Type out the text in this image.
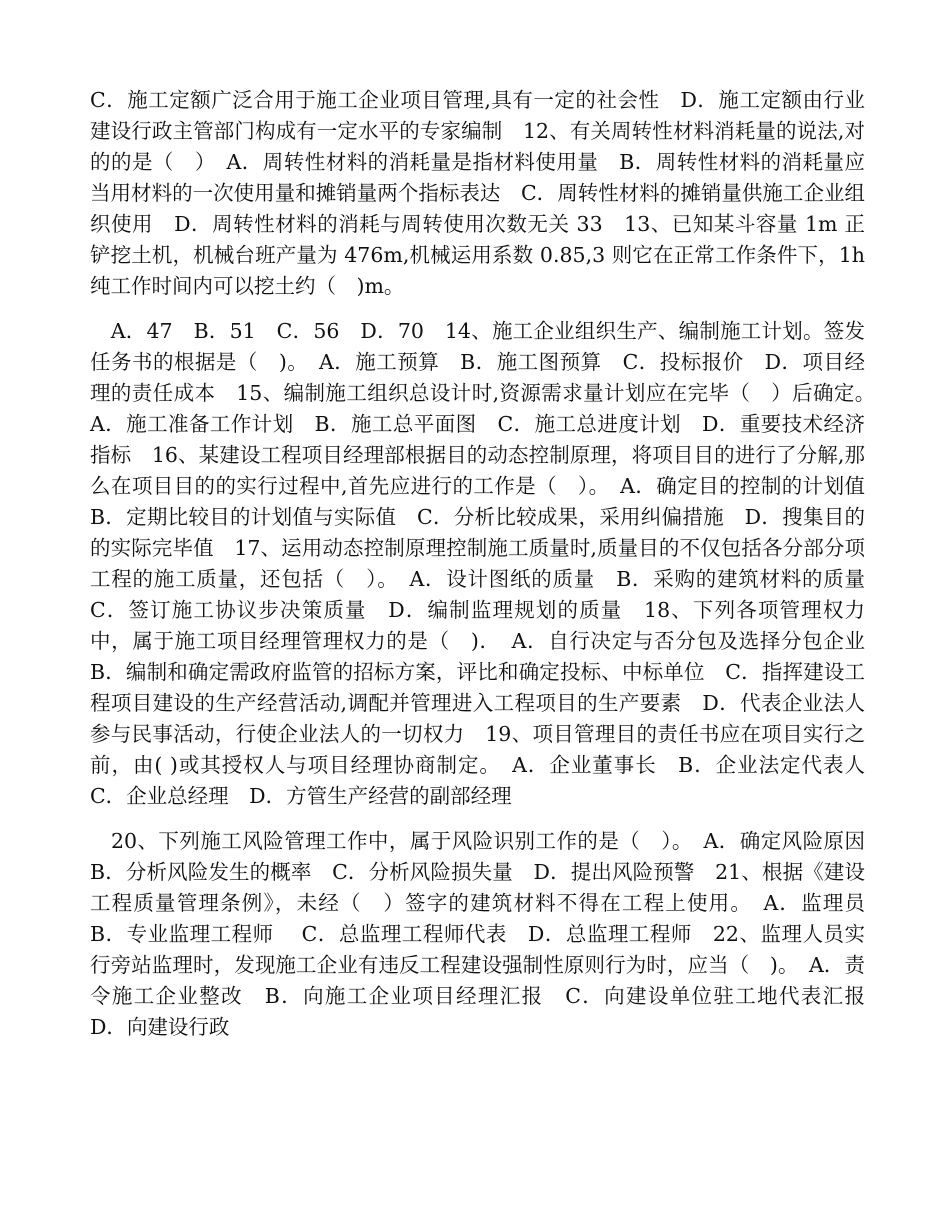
C．施工定额广泛合用于施工企业项目管理,具有一定的社会性　D．施工定额由行业建设行政主管部门构成有一定水平的专家编制　12、有关周转性材料消耗量的说法,对的的是（　）　A．周转性材料的消耗量是指材料使用量　B．周转性材料的消耗量应当用材料的一次使用量和摊销量两个指标表达　C．周转性材料的摊销量供施工企业组织使用　D．周转性材料的消耗与周转使用次数无关 33　13、已知某斗容量 1m 正铲挖土机，机械台班产量为 476m,机械运用系数 0.85,3 则它在正常工作条件下，1h 纯工作时间内可以挖土约（　)m。

　A．47　B．51　C．56　D．70　14、施工企业组织生产、编制施工计划。签发任务书的根据是（　)。　A．施工预算　B．施工图预算　C．投标报价　D．项目经理的责任成本　15、编制施工组织总设计时,资源需求量计划应在完毕（　）后确定。　A．施工准备工作计划　B．施工总平面图　C．施工总进度计划　D．重要技术经济指标　16、某建设工程项目经理部根据目的动态控制原理，将项目目的进行了分解,那么在项目目的的实行过程中,首先应进行的工作是（　）。　A．确定目的控制的计划值　B．定期比较目的计划值与实际值　C．分析比较成果，采用纠偏措施　D．搜集目的的实际完毕值　17、运用动态控制原理控制施工质量时,质量目的不仅包括各分部分项工程的施工质量，还包括（　）。　A．设计图纸的质量　B．采购的建筑材料的质量　C．签订施工协议步决策质量　D．编制监理规划的质量　18、下列各项管理权力中，属于施工项目经理管理权力的是（　)．　A．自行决定与否分包及选择分包企业　B．编制和确定需政府监管的招标方案，评比和确定投标、中标单位　C．指挥建设工程项目建设的生产经营活动,调配并管理进入工程项目的生产要素　D．代表企业法人参与民事活动，行使企业法人的一切权力　19、项目管理目的责任书应在项目实行之前，由( )或其授权人与项目经理协商制定。　A．企业董事长　B．企业法定代表人　C．企业总经理　D．方管生产经营的副部经理

　20、下列施工风险管理工作中，属于风险识别工作的是（　）。　A．确定风险原因　B．分析风险发生的概率　C．分析风险损失量　D．提出风险预警　21、根据《建设工程质量管理条例》，未经（　）签字的建筑材料不得在工程上使用。　A．监理员　B．专业监理工程师　 C．总监理工程师代表　D．总监理工程师　22、监理人员实行旁站监理时，发现施工企业有违反工程建设强制性原则行为时，应当（　)。　A．责令施工企业整改　B．向施工企业项目经理汇报　C．向建设单位驻工地代表汇报　D．向建设行政
